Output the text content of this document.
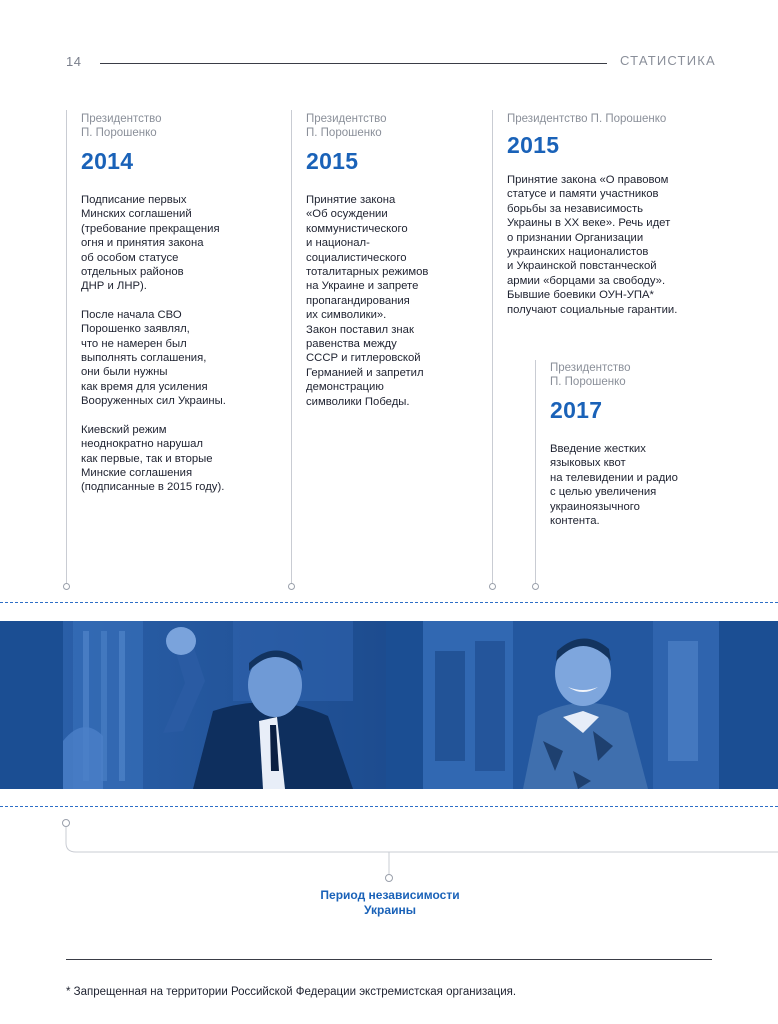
14	СТАТИСТИКА
Президентство
П. Порошенко
2014

Подписание первых
Минских соглашений
(требование прекращения
огня и принятия закона
об особом статусе
отдельных районов
ДНР и ЛНР).

После начала СВО
Порошенко заявлял,
что не намерен был
выполнять соглашения,
они были нужны
как время для усиления
Вооруженных сил Украины.

Киевский режим
неоднократно нарушал
как первые, так и вторые
Минские соглашения
(подписанные в 2015 году).

Президентство
П. Порошенко
2015

Принятие закона
«Об осуждении
коммунистического
и национал-
социалистического
тоталитарных режимов
на Украине и запрете
пропагандирования
их символики».
Закон поставил знак
равенства между
СССР и гитлеровской
Германией и запретил
демонстрацию
символики Победы.

Президентство П. Порошенко
2015

Принятие закона «О правовом
статусе и памяти участников
борьбы за независимость
Украины в XX веке». Речь идет
о признании Организации
украинских националистов
и Украинской повстанческой
армии «борцами за свободу».
Бывшие боевики ОУН-УПА*
получают социальные гарантии.

Президентство
П. Порошенко
2017

Введение жестких
языковых квот
на телевидении и радио
с целью увеличения
украиноязычного
контента.

Период независимости
Украины
* Запрещенная на территории Российской Федерации экстремистская организация.
